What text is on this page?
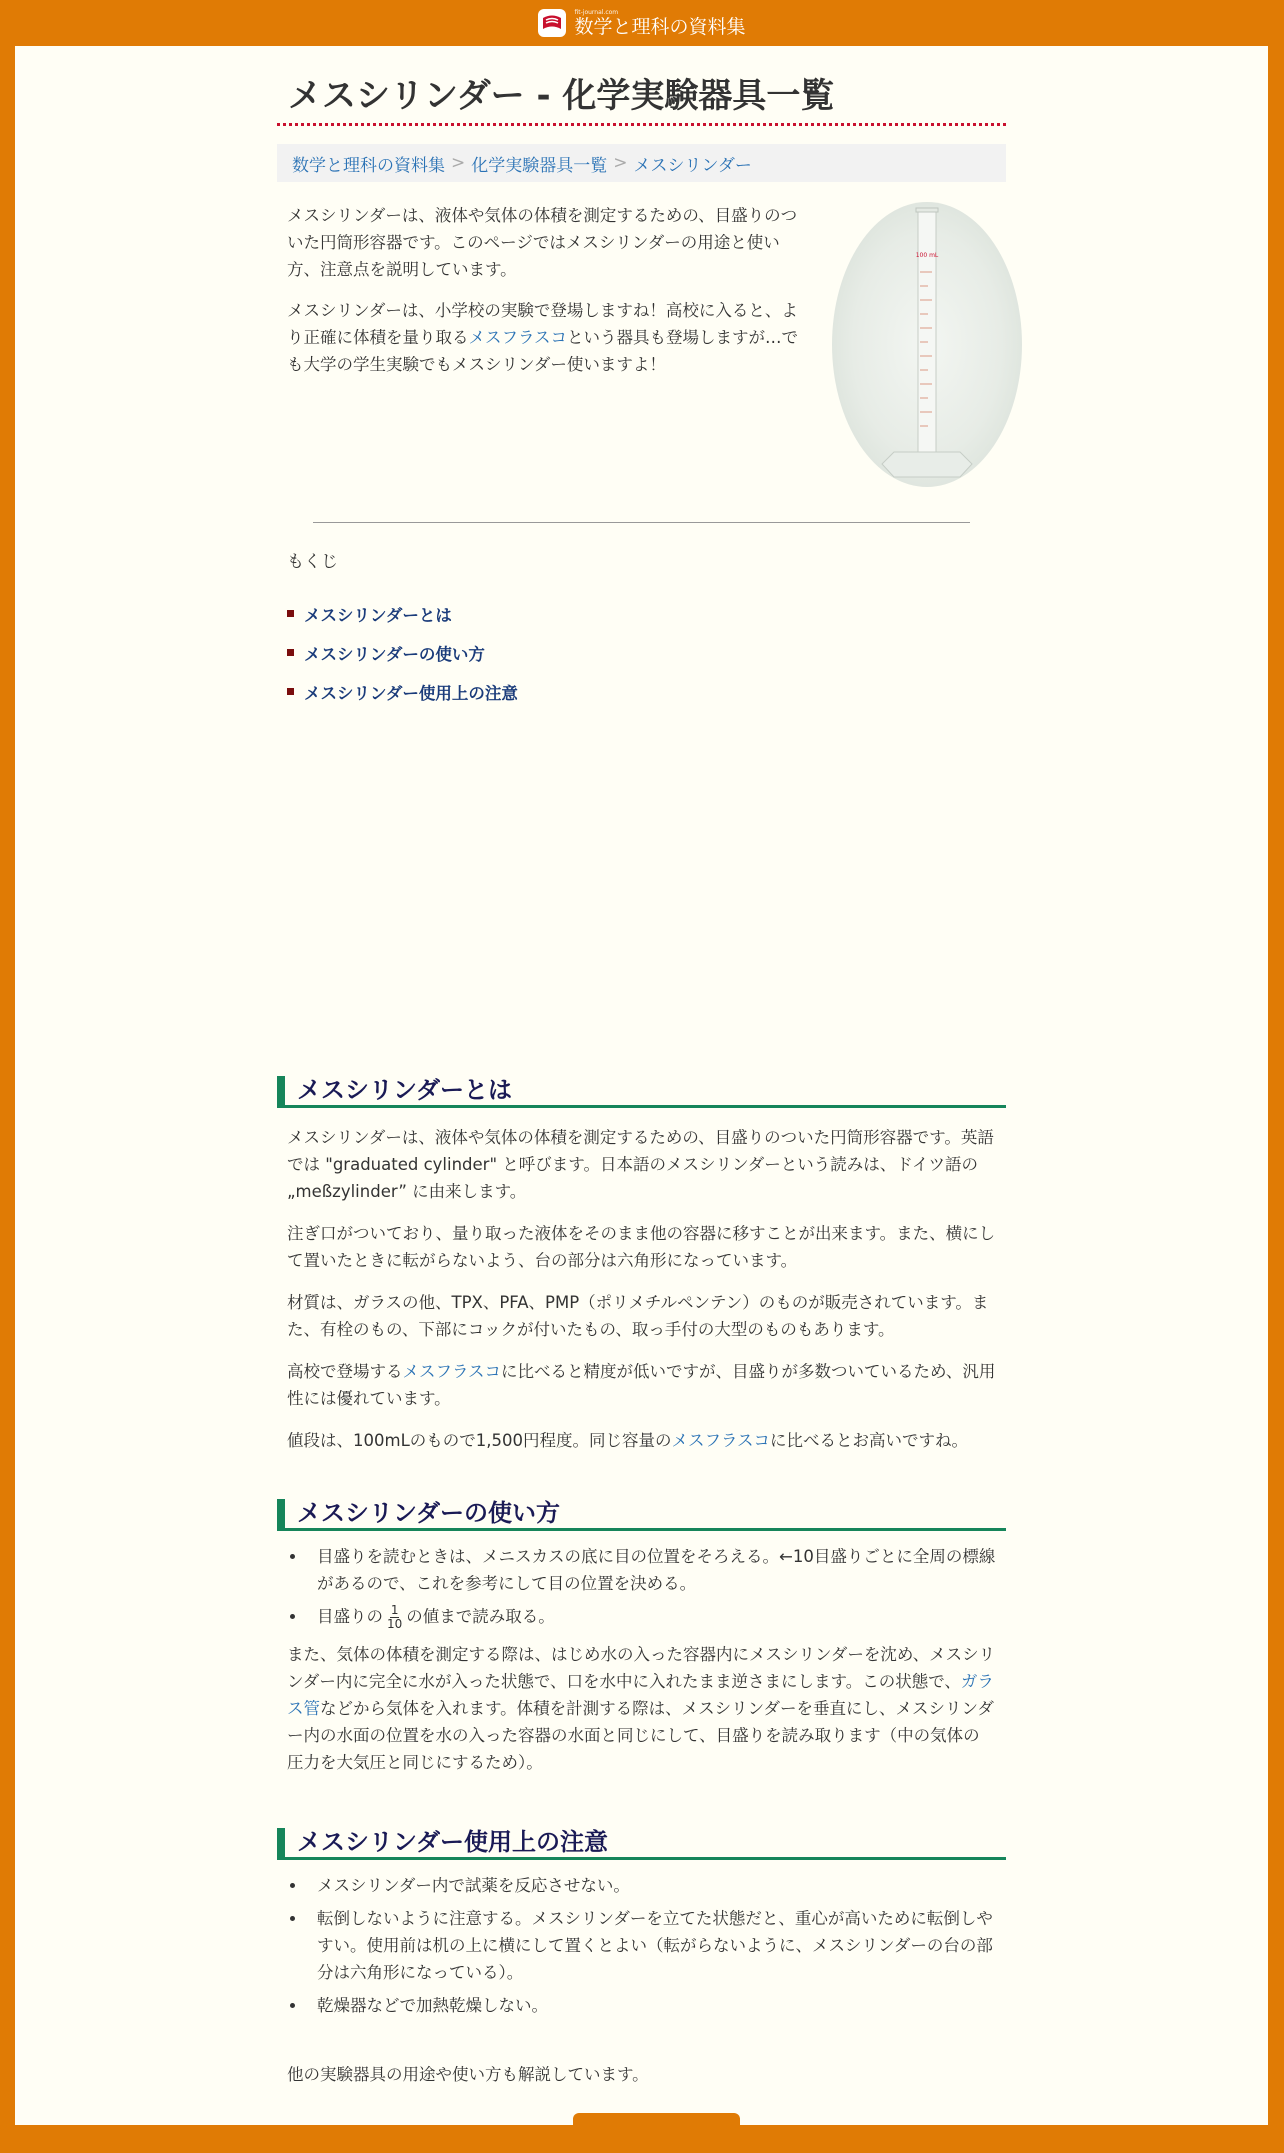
fit-journal.com
数学と理科の資料集
メスシリンダー - 化学実験器具一覧
数学と理科の資料集 > 化学実験器具一覧 > メスシリンダー

メスシリンダーは、液体や気体の体積を測定するための、目盛りのついた円筒形容器です。このページではメスシリンダーの用途と使い方、注意点を説明しています。

メスシリンダーは、小学校の実験で登場しますね！高校に入ると、より正確に体積を量り取るメスフラスコという器具も登場しますが…でも大学の学生実験でもメスシリンダー使いますよ！

100 mL
もくじ
メスシリンダーとは
メスシリンダーの使い方
メスシリンダー使用上の注意
メスシリンダーとは

メスシリンダーは、液体や気体の体積を測定するための、目盛りのついた円筒形容器です。英語では "graduated cylinder" と呼びます。日本語のメスシリンダーという読みは、ドイツ語の „meßzylinder” に由来します。

注ぎ口がついており、量り取った液体をそのまま他の容器に移すことが出来ます。また、横にして置いたときに転がらないよう、台の部分は六角形になっています。

材質は、ガラスの他、TPX、PFA、PMP（ポリメチルペンテン）のものが販売されています。また、有栓のもの、下部にコックが付いたもの、取っ手付の大型のものもあります。

高校で登場するメスフラスコに比べると精度が低いですが、目盛りが多数ついているため、汎用性には優れています。

値段は、100mLのもので1,500円程度。同じ容量のメスフラスコに比べるとお高いですね。

メスシリンダーの使い方
• 目盛りを読むときは、メニスカスの底に目の位置をそろえる。←10目盛りごとに全周の標線があるので、これを参考にして目の位置を決める。
• 目盛りの $\frac{1}{10}$ の値まで読み取る。

また、気体の体積を測定する際は、はじめ水の入った容器内にメスシリンダーを沈め、メスシリンダー内に完全に水が入った状態で、口を水中に入れたまま逆さまにします。この状態で、ガラス管などから気体を入れます。体積を計測する際は、メスシリンダーを垂直にし、メスシリンダー内の水面の位置を水の入った容器の水面と同じにして、目盛りを読み取ります（中の気体の圧力を大気圧と同じにするため）。

メスシリンダー使用上の注意
• メスシリンダー内で試薬を反応させない。
• 転倒しないように注意する。メスシリンダーを立てた状態だと、重心が高いために転倒しやすい。使用前は机の上に横にして置くとよい（転がらないように、メスシリンダーの台の部分は六角形になっている）。
• 乾燥器などで加熱乾燥しない。

他の実験器具の用途や使い方も解説しています。
